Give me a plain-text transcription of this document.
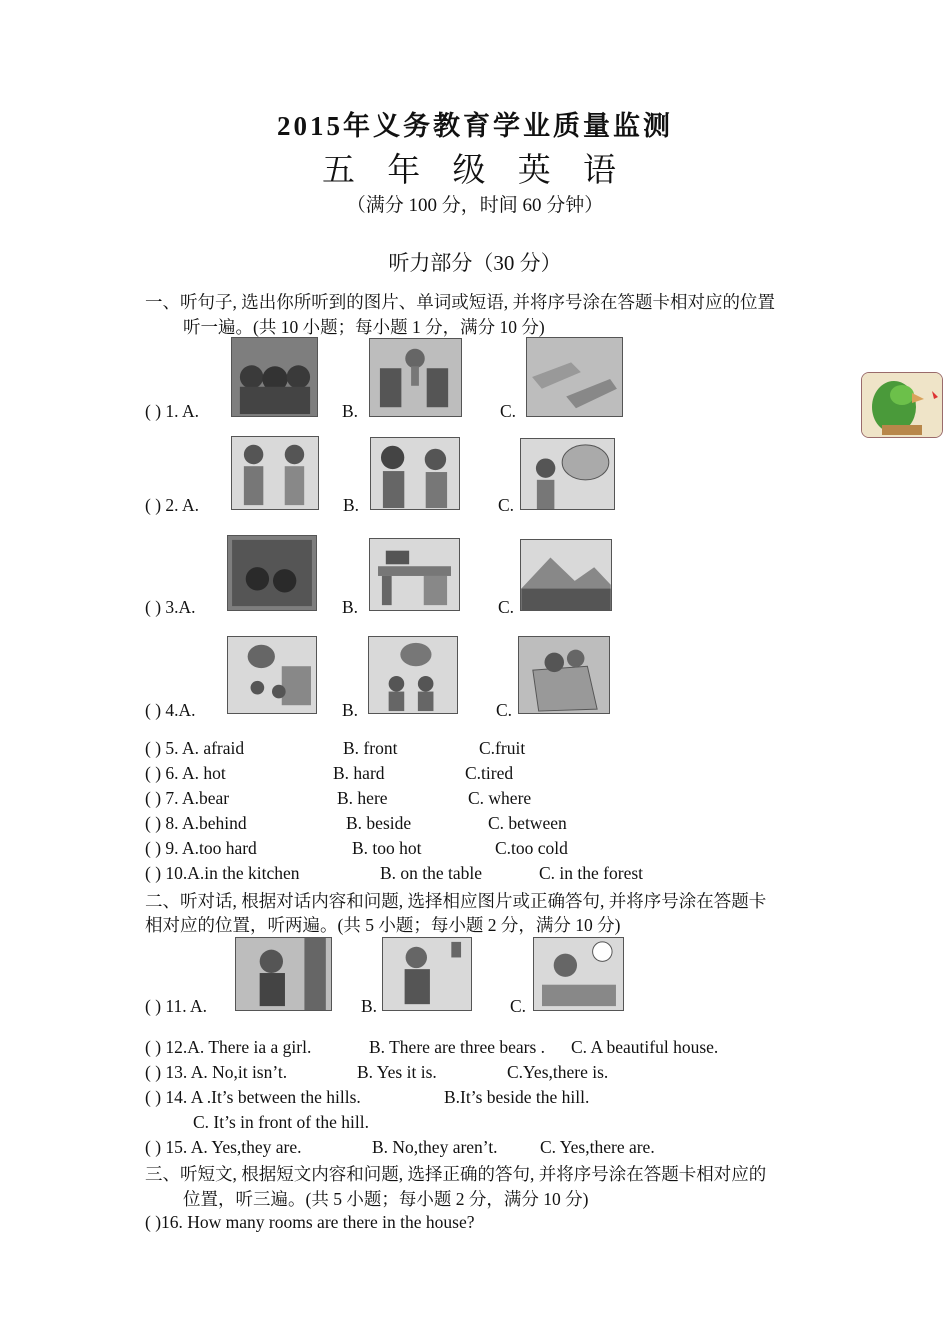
2015年义务教育学业质量监测
五 年 级 英 语
（满分 100 分，时间 60 分钟）
听力部分（30 分）
一、听句子, 选出你所听到的图片、单词或短语, 并将序号涂在答题卡相对应的位置
听一遍。(共 10 小题；每小题 1 分，满分 10 分)
( ) 1. A.	B.	C.
( ) 2. A.	B.	C.
( ) 3.A.	B.	C.
( ) 4.A.	B.	C.
( ) 5. A. afraid	B. front	C.fruit
( ) 6. A. hot	B. hard	C.tired
( ) 7. A.bear	B. here	C. where
( ) 8. A.behind	B. beside	C. between
( ) 9. A.too hard	B. too hot	C.too cold
( ) 10.A.in the kitchen	B. on the table	C. in the forest
二、听对话, 根据对话内容和问题, 选择相应图片或正确答句, 并将序号涂在答题卡
相对应的位置，听两遍。(共 5 小题；每小题 2 分，满分 10 分)
( ) 11. A.	B.	C.
( ) 12.A. There ia a girl.	B. There are three bears . C. A beautiful house.
( ) 13. A. No,it isn’t.	B. Yes it is.	C.Yes,there is.
( ) 14. A .It’s between the hills.	B.It’s beside the hill.
C. It’s in front of the hill.
( ) 15. A. Yes,they are.	B. No,they aren’t. C. Yes,there are.
三、听短文, 根据短文内容和问题, 选择正确的答句, 并将序号涂在答题卡相对应的
位置，听三遍。(共 5 小题；每小题 2 分，满分 10 分)
( )16. How many rooms are there in the house?
